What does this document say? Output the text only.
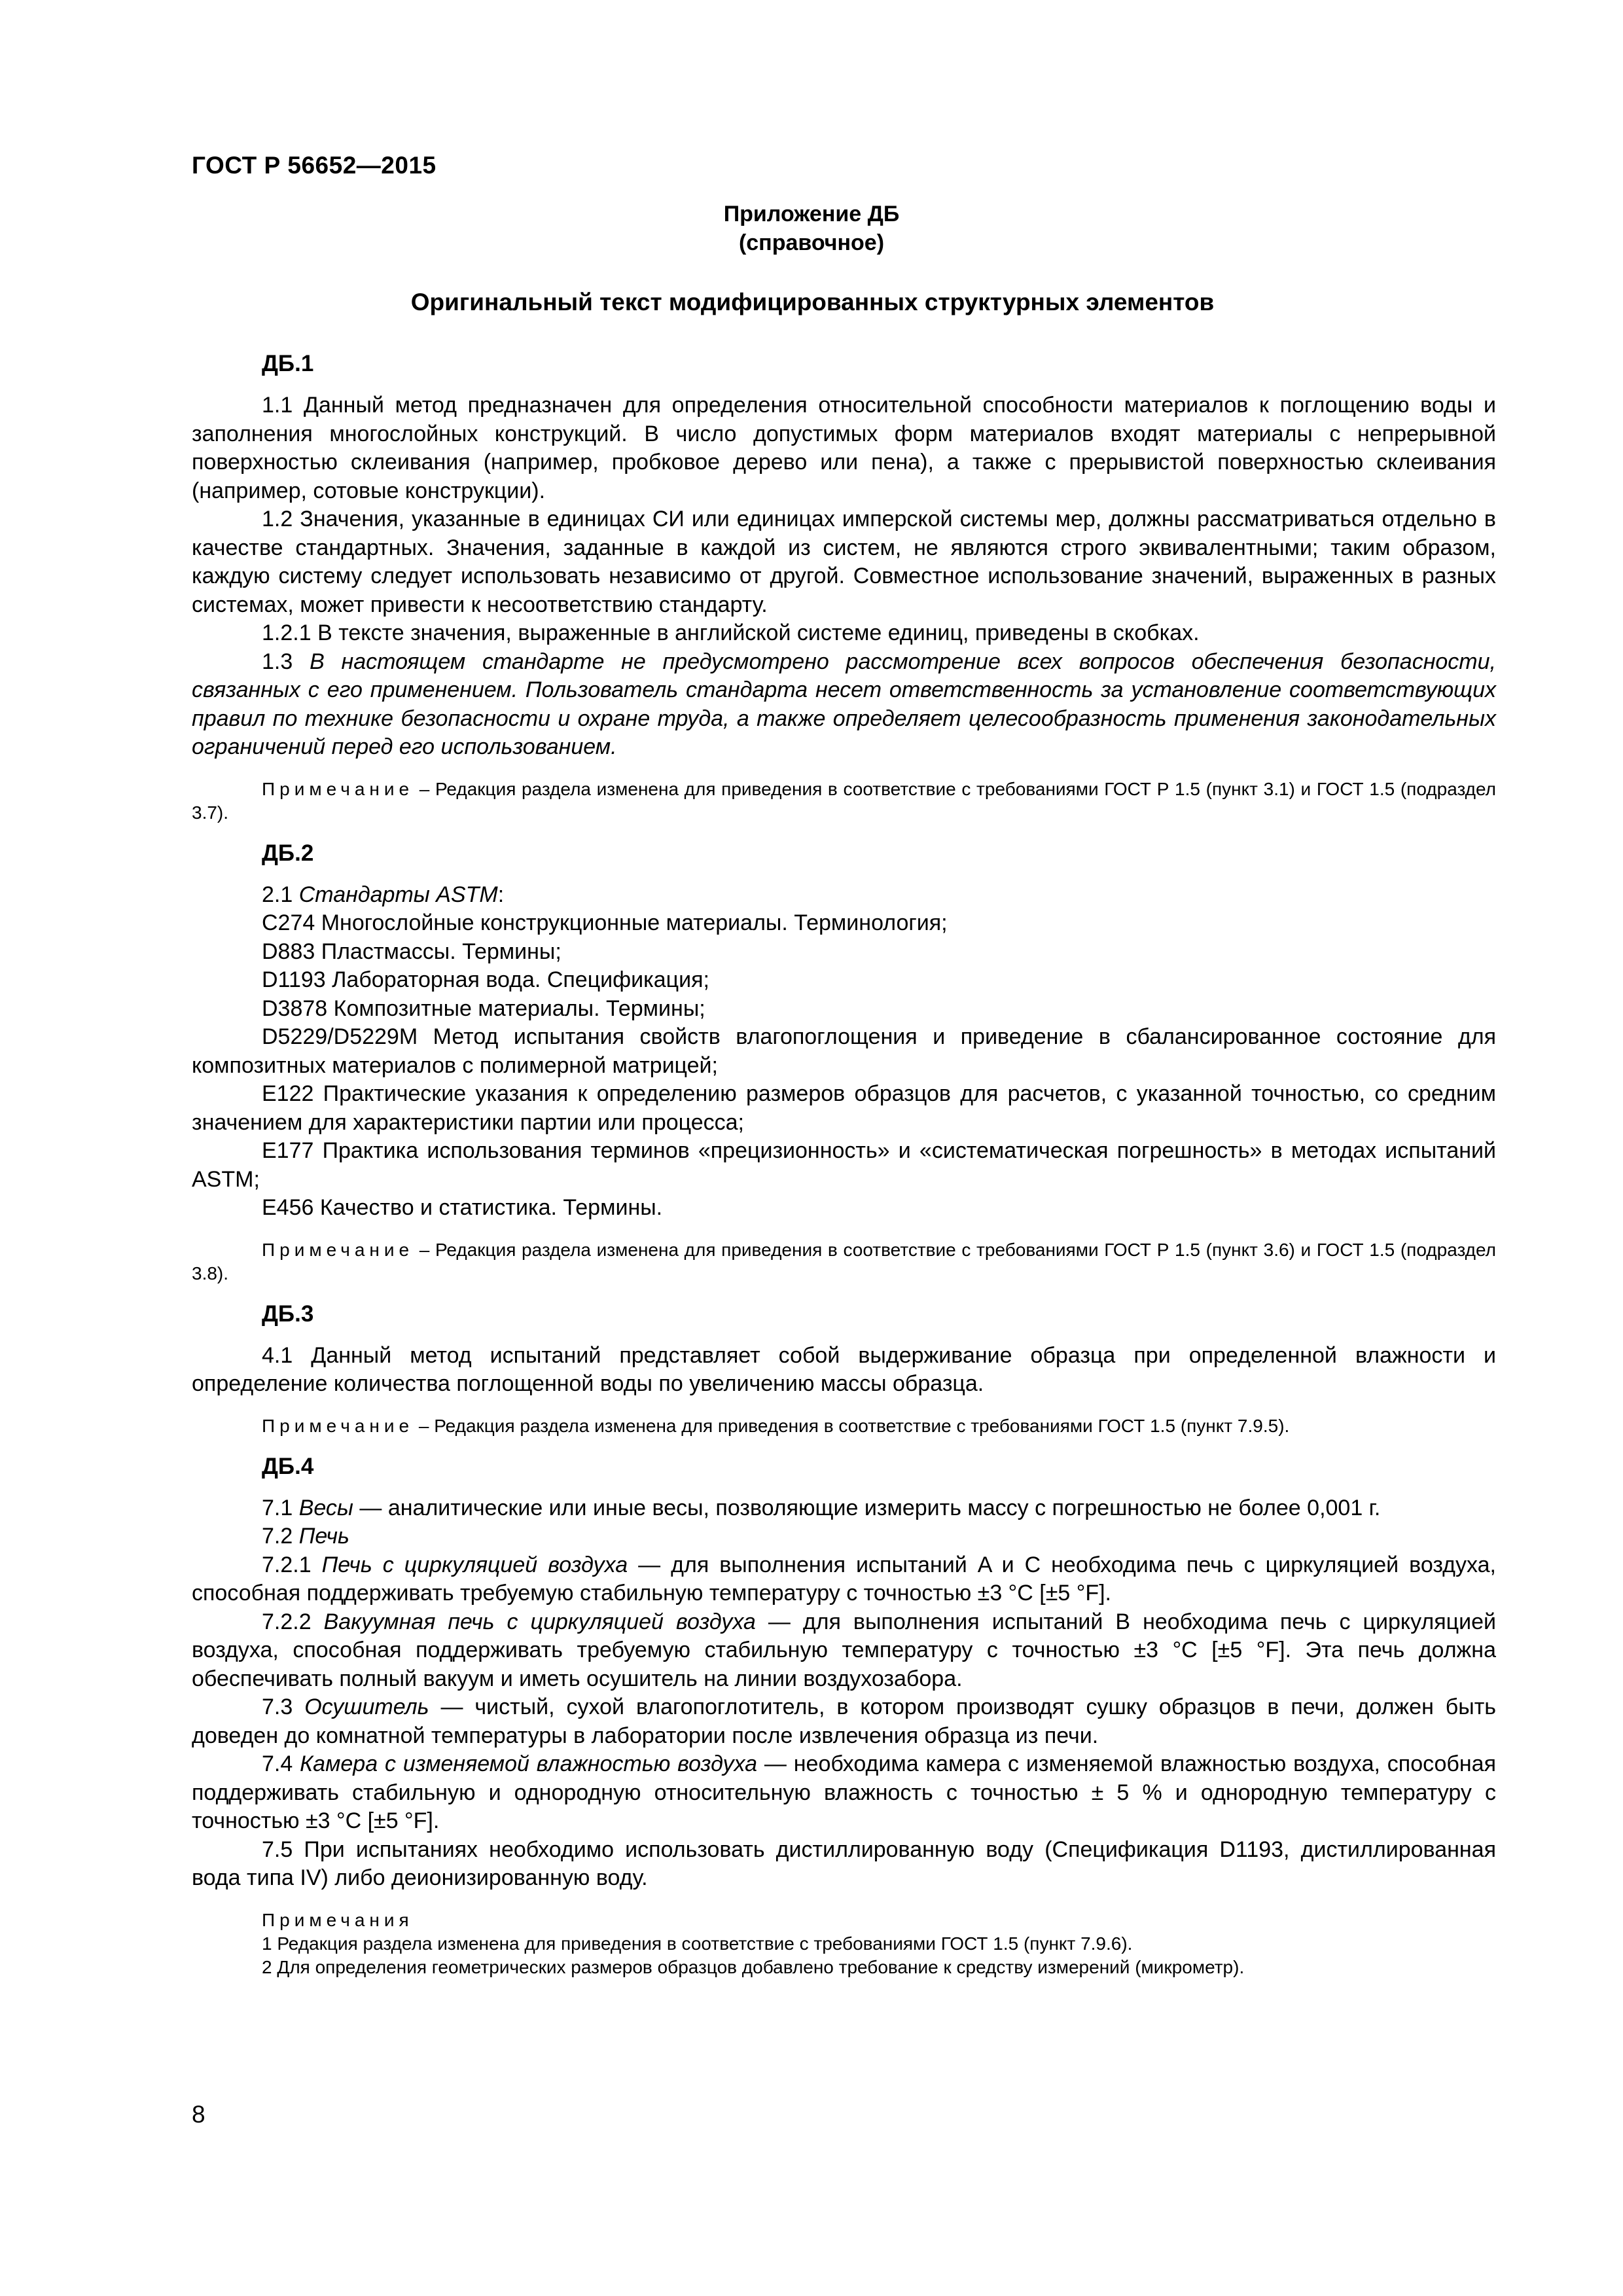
ГОСТ Р 56652—2015
Приложение ДБ
(справочное)
Оригинальный текст модифицированных структурных элементов
ДБ.1

1.1 Данный метод предназначен для определения относительной способности материалов к поглощению воды и заполнения многослойных конструкций. В число допустимых форм материалов входят материалы с непрерывной поверхностью склеивания (например, пробковое дерево или пена), а также с прерывистой поверхностью склеивания (например, сотовые конструкции).

1.2 Значения, указанные в единицах СИ или единицах имперской системы мер, должны рассматриваться отдельно в качестве стандартных. Значения, заданные в каждой из систем, не являются строго эквивалентными; таким образом, каждую систему следует использовать независимо от другой. Совместное использование значений, выраженных в разных системах, может привести к несоответствию стандарту.

1.2.1 В тексте значения, выраженные в английской системе единиц, приведены в скобках.

1.3 В настоящем стандарте не предусмотрено рассмотрение всех вопросов обеспечения безопасности, связанных с его применением. Пользователь стандарта несет ответственность за установление соответствующих правил по технике безопасности и охране труда, а также определяет целесообразность применения законодательных ограничений перед его использованием.

Примечание – Редакция раздела изменена для приведения в соответствие с требованиями ГОСТ Р 1.5 (пункт 3.1) и ГОСТ 1.5 (подраздел 3.7).
ДБ.2

2.1 Стандарты ASTM:

C274 Многослойные конструкционные материалы. Терминология;

D883 Пластмассы. Термины;

D1193 Лабораторная вода. Спецификация;

D3878 Композитные материалы. Термины;

D5229/D5229M Метод испытания свойств влагопоглощения и приведение в сбалансированное состояние для композитных материалов с полимерной матрицей;

E122 Практические указания к определению размеров образцов для расчетов, с указанной точностью, со средним значением для характеристики партии или процесса;

E177 Практика использования терминов «прецизионность» и «систематическая погрешность» в методах испытаний ASTM;

E456 Качество и статистика. Термины.

Примечание – Редакция раздела изменена для приведения в соответствие с требованиями ГОСТ Р 1.5 (пункт 3.6) и ГОСТ 1.5 (подраздел 3.8).
ДБ.3

4.1 Данный метод испытаний представляет собой выдерживание образца при определенной влажности и определение количества поглощенной воды по увеличению массы образца.

Примечание – Редакция раздела изменена для приведения в соответствие с требованиями ГОСТ 1.5 (пункт 7.9.5).
ДБ.4

7.1 Весы — аналитические или иные весы, позволяющие измерить массу с погрешностью не более 0,001 г.

7.2 Печь

7.2.1 Печь с циркуляцией воздуха — для выполнения испытаний A и C необходима печь с циркуляцией воздуха, способная поддерживать требуемую стабильную температуру с точностью ±3 °C [±5 °F].

7.2.2 Вакуумная печь с циркуляцией воздуха — для выполнения испытаний B необходима печь с циркуляцией воздуха, способная поддерживать требуемую стабильную температуру с точностью ±3 °C [±5 °F]. Эта печь должна обеспечивать полный вакуум и иметь осушитель на линии воздухозабора.

7.3 Осушитель — чистый, сухой влагопоглотитель, в котором производят сушку образцов в печи, должен быть доведен до комнатной температуры в лаборатории после извлечения образца из печи.

7.4 Камера с изменяемой влажностью воздуха — необходима камера с изменяемой влажностью воздуха, способная поддерживать стабильную и однородную относительную влажность с точностью ± 5 % и однородную температуру с точностью ±3 °C [±5 °F].

7.5 При испытаниях необходимо использовать дистиллированную воду (Спецификация D1193, дистиллированная вода типа IV) либо деионизированную воду.

Примечания
1 Редакция раздела изменена для приведения в соответствие с требованиями ГОСТ 1.5 (пункт 7.9.6).
2 Для определения геометрических размеров образцов добавлено требование к средству измерений (микрометр).
8
